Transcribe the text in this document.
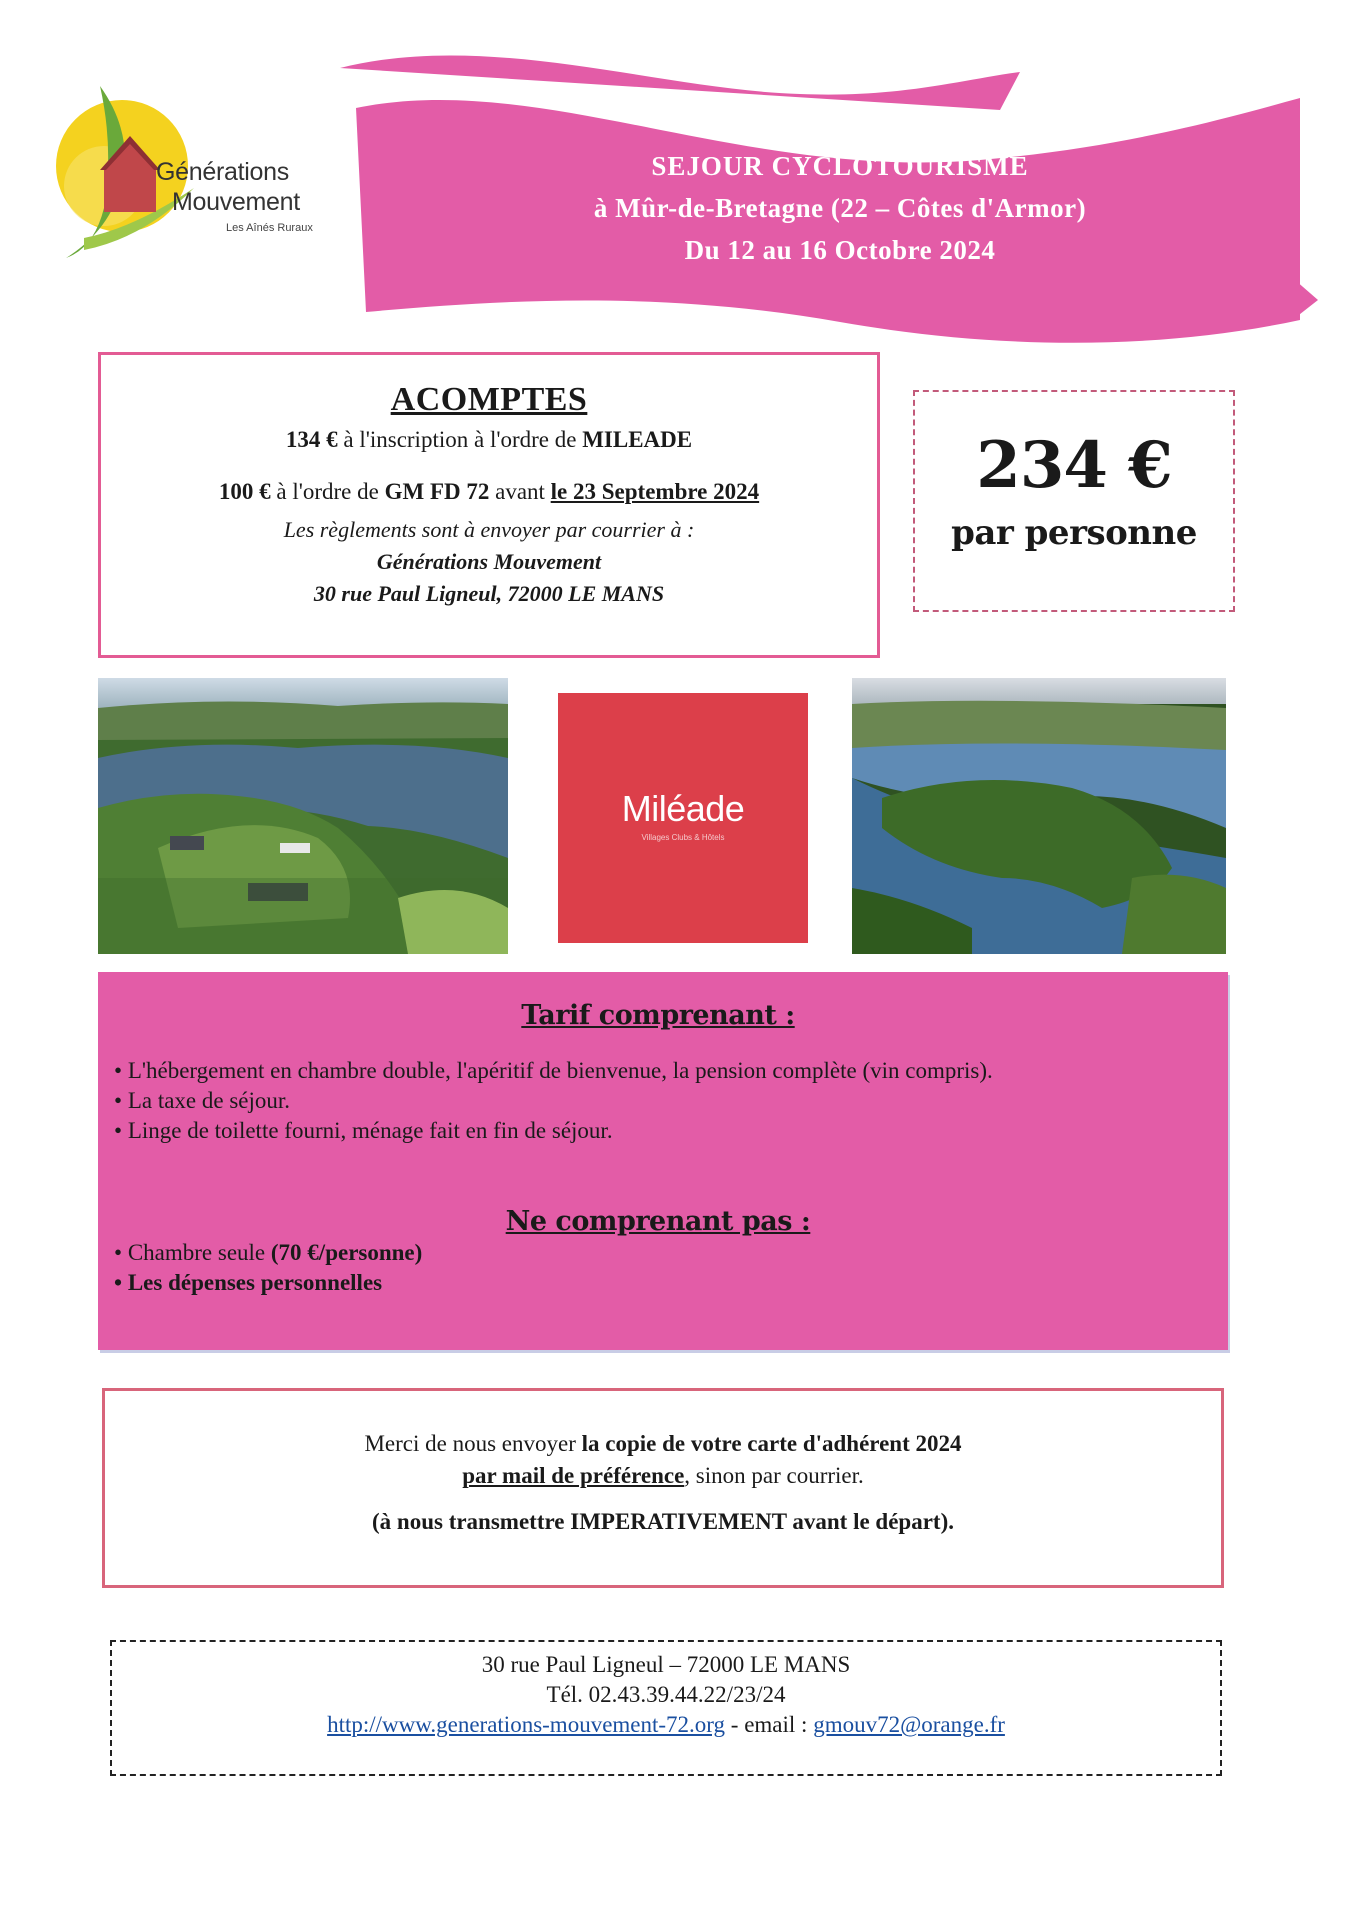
Générations
Mouvement
Les Aînés Ruraux
SEJOUR CYCLOTOURISME
à Mûr-de-Bretagne (22 – Côtes d'Armor)
Du 12 au 16 Octobre 2024
ACOMPTES
134 € à l'inscription à l'ordre de MILEADE
100 € à l'ordre de GM FD 72 avant le 23 Septembre 2024
Les règlements sont à envoyer par courrier à :
Générations Mouvement
30 rue Paul Ligneul, 72000 LE MANS
234 €
par personne
Miléade
Villages Clubs & Hôtels
Tarif comprenant :
• L'hébergement en chambre double, l'apéritif de bienvenue, la pension complète (vin compris).
• La taxe de séjour.
• Linge de toilette fourni, ménage fait en fin de séjour.
Ne comprenant pas :
• Chambre seule (70 €/personne)
• Les dépenses personnelles
Merci de nous envoyer la copie de votre carte d'adhérent 2024
par mail de préférence, sinon par courrier.
(à nous transmettre IMPERATIVEMENT avant le départ).
30 rue Paul Ligneul – 72000 LE MANS
Tél. 02.43.39.44.22/23/24
http://www.generations-mouvement-72.org - email : gmouv72@orange.fr
